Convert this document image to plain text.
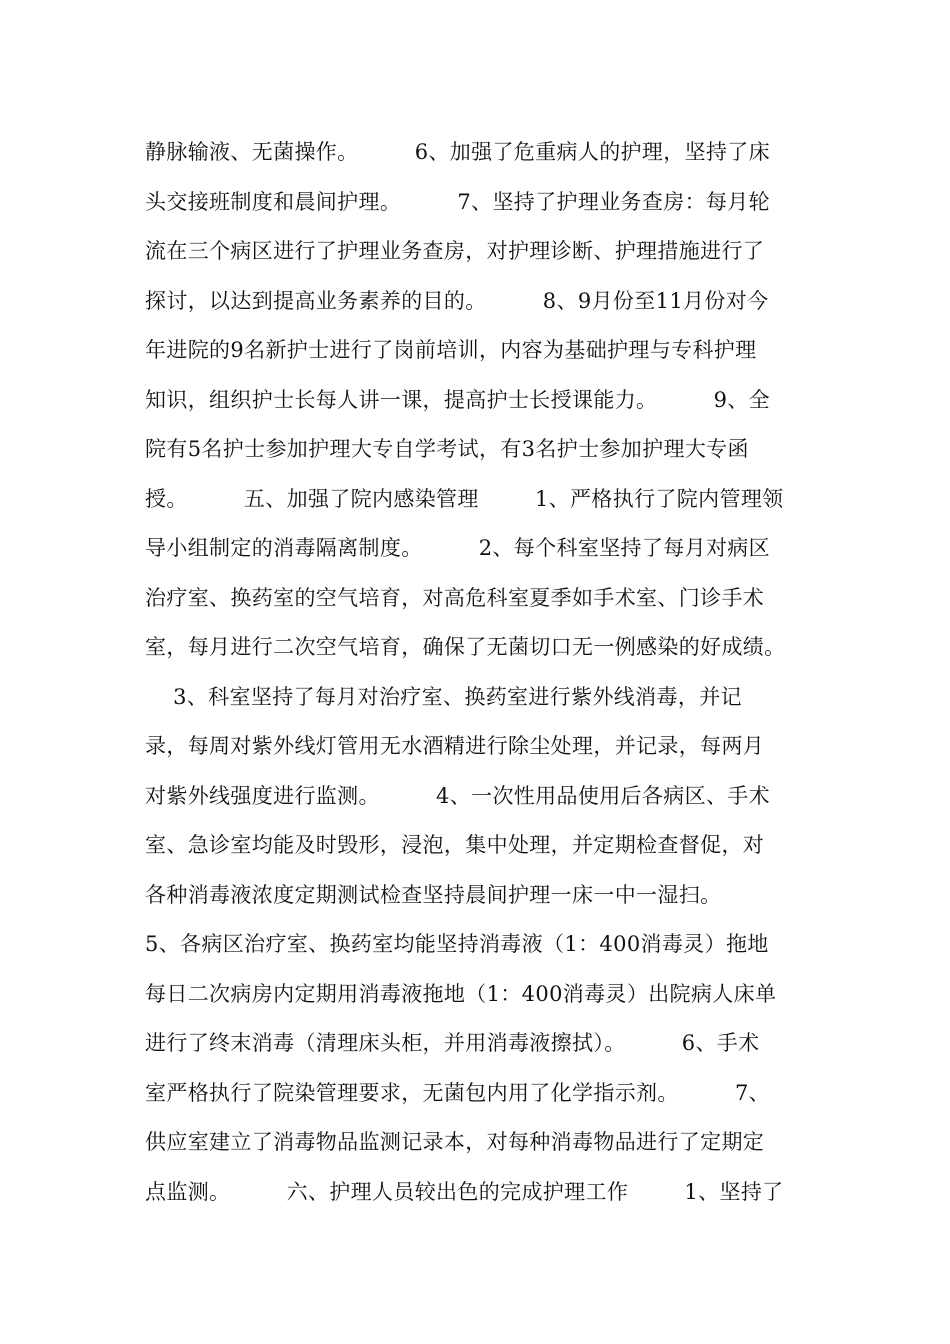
静脉输液、无菌操作。        6、加强了危重病人的护理，坚持了床
头交接班制度和晨间护理。        7、坚持了护理业务查房：每月轮
流在三个病区进行了护理业务查房，对护理诊断、护理措施进行了
探讨，以达到提高业务素养的目的。        8、9月份至11月份对今
年进院的9名新护士进行了岗前培训，内容为基础护理与专科护理
知识，组织护士长每人讲一课，提高护士长授课能力。        9、全
院有5名护士参加护理大专自学考试，有3名护士参加护理大专函
授。        五、加强了院内感染管理        1、严格执行了院内管理领
导小组制定的消毒隔离制度。        2、每个科室坚持了每月对病区
治疗室、换药室的空气培育，对高危科室夏季如手术室、门诊手术
室，每月进行二次空气培育，确保了无菌切口无一例感染的好成绩。
3、科室坚持了每月对治疗室、换药室进行紫外线消毒，并记
录，每周对紫外线灯管用无水酒精进行除尘处理，并记录，每两月
对紫外线强度进行监测。        4、一次性用品使用后各病区、手术
室、急诊室均能及时毁形，浸泡，集中处理，并定期检查督促，对
各种消毒液浓度定期测试检查坚持晨间护理一床一中一湿扫。
5、各病区治疗室、换药室均能坚持消毒液（1：400消毒灵）拖地
每日二次病房内定期用消毒液拖地（1：400消毒灵）出院病人床单
进行了终末消毒（清理床头柜，并用消毒液擦拭）。        6、手术
室严格执行了院染管理要求，无菌包内用了化学指示剂。        7、
供应室建立了消毒物品监测记录本，对每种消毒物品进行了定期定
点监测。        六、护理人员较出色的完成护理工作        1、坚持了
